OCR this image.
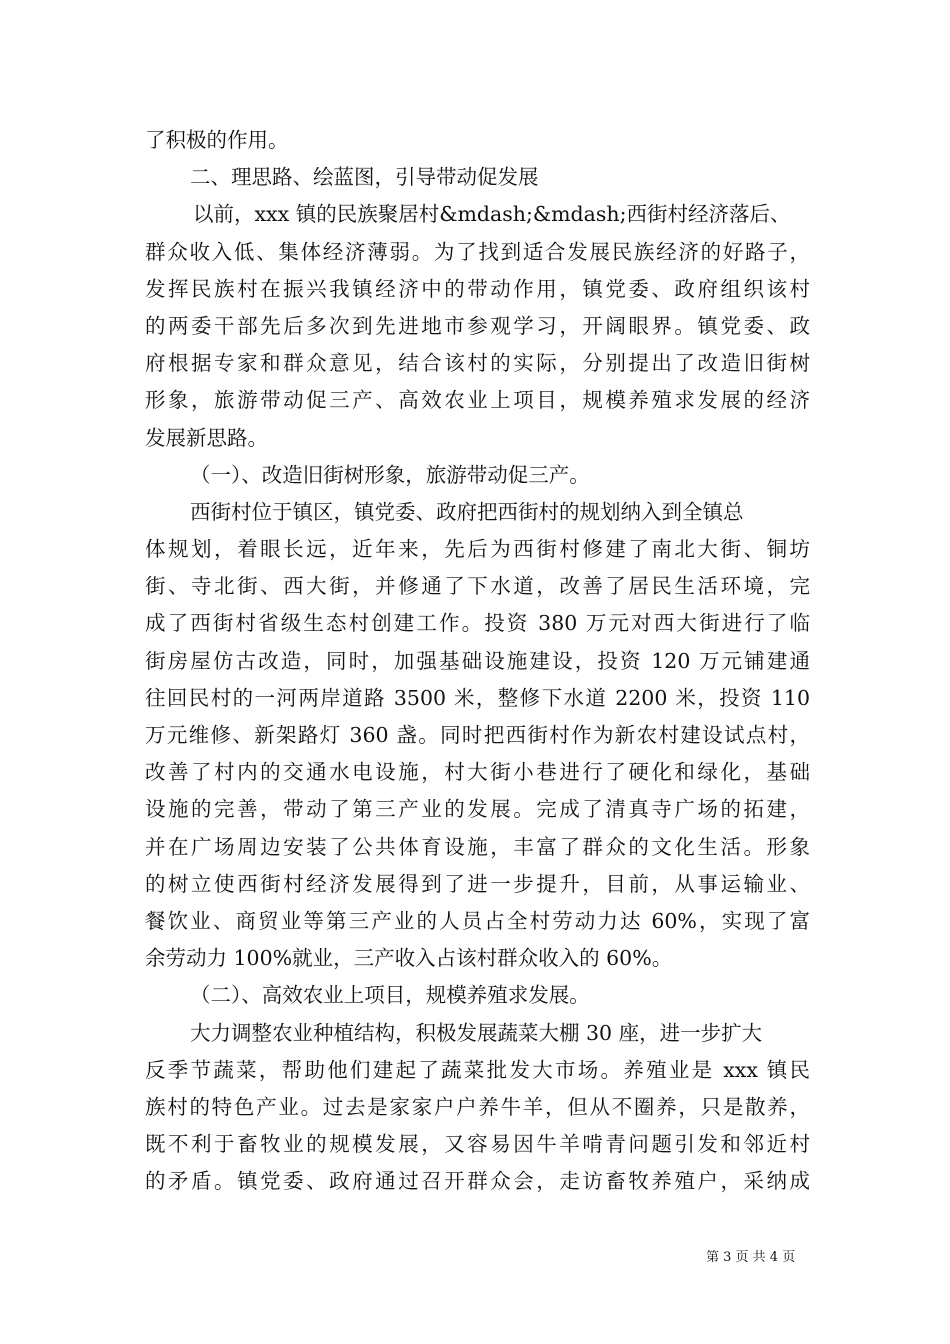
了积极的作用。
二、理思路、绘蓝图，引导带动促发展
以前，xxx 镇的民族聚居村&mdash;&mdash;西街村经济落后、
群众收入低、集体经济薄弱。为了找到适合发展民族经济的好路子，
发挥民族村在振兴我镇经济中的带动作用，镇党委、政府组织该村
的两委干部先后多次到先进地市参观学习，开阔眼界。镇党委、政
府根据专家和群众意见，结合该村的实际，分别提出了改造旧街树
形象，旅游带动促三产、高效农业上项目，规模养殖求发展的经济
发展新思路。
（一）、改造旧街树形象，旅游带动促三产。
西街村位于镇区，镇党委、政府把西街村的规划纳入到全镇总
体规划，着眼长远，近年来，先后为西街村修建了南北大街、铜坊
街、寺北街、西大街，并修通了下水道，改善了居民生活环境，完
成了西街村省级生态村创建工作。投资 380 万元对西大街进行了临
街房屋仿古改造，同时，加强基础设施建设，投资 120 万元铺建通
往回民村的一河两岸道路 3500 米，整修下水道 2200 米，投资 110
万元维修、新架路灯 360 盏。同时把西街村作为新农村建设试点村，
改善了村内的交通水电设施，村大街小巷进行了硬化和绿化，基础
设施的完善，带动了第三产业的发展。完成了清真寺广场的拓建，
并在广场周边安装了公共体育设施，丰富了群众的文化生活。形象
的树立使西街村经济发展得到了进一步提升，目前，从事运输业、
餐饮业、商贸业等第三产业的人员占全村劳动力达 60%，实现了富
余劳动力 100%就业，三产收入占该村群众收入的 60%。
（二）、高效农业上项目，规模养殖求发展。
大力调整农业种植结构，积极发展蔬菜大棚 30 座，进一步扩大
反季节蔬菜，帮助他们建起了蔬菜批发大市场。养殖业是 xxx 镇民
族村的特色产业。过去是家家户户养牛羊，但从不圈养，只是散养，
既不利于畜牧业的规模发展，又容易因牛羊啃青问题引发和邻近村
的矛盾。镇党委、政府通过召开群众会，走访畜牧养殖户，采纳成
第 3 页 共 4 页
